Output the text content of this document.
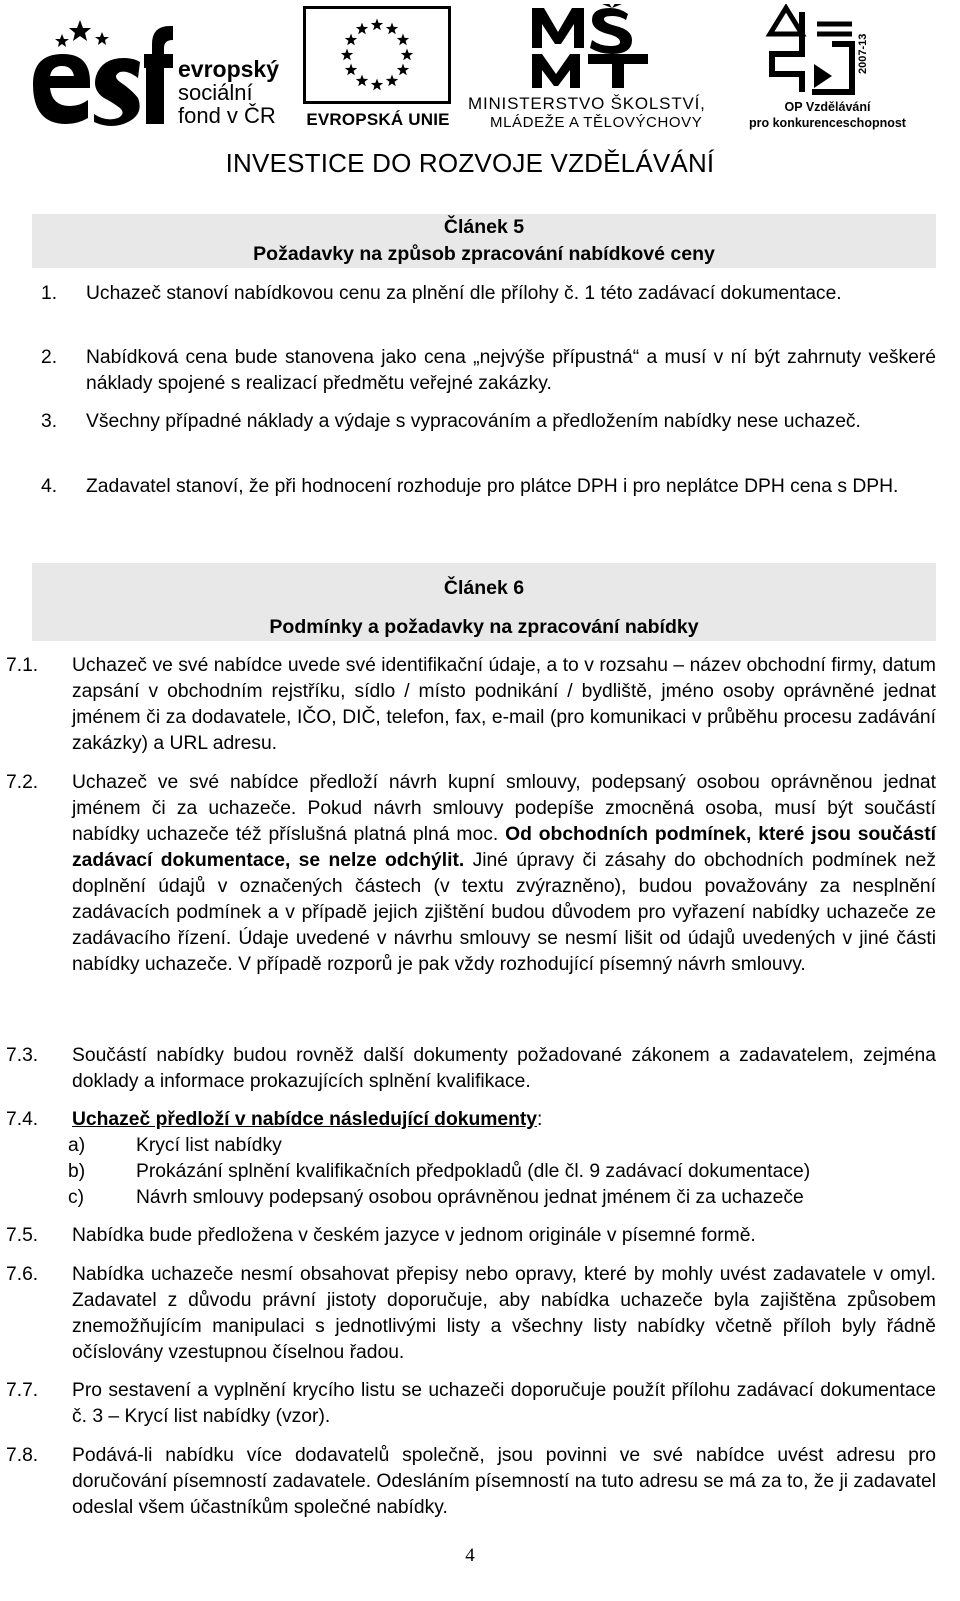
evropský
sociální
fond v ČR EVROPSKÁ UNIE
MINISTERSTVO ŠKOLSTVÍ,
MLÁDEŽE A TĚLOVÝCHOVY
2007-13
OP Vzdělávání
pro konkurenceschopnost
INVESTICE DO ROZVOJE VZDĚLÁVÁNÍ
Článek 5
Požadavky na způsob zpracování nabídkové ceny
1. Uchazeč stanoví nabídkovou cenu za plnění dle přílohy č. 1 této zadávací dokumentace.
2. Nabídková cena bude stanovena jako cena „nejvýše přípustná“ a musí v ní být zahrnuty veškeré náklady spojené s realizací předmětu veřejné zakázky.
3. Všechny případné náklady a výdaje s vypracováním a předložením nabídky nese uchazeč.
4. Zadavatel stanoví, že při hodnocení rozhoduje pro plátce DPH i pro neplátce DPH cena s DPH.
Článek 6
Podmínky a požadavky na zpracování nabídky
7.1. Uchazeč ve své nabídce uvede své identifikační údaje, a to v rozsahu – název obchodní firmy, datum zapsání v obchodním rejstříku, sídlo / místo podnikání / bydliště, jméno osoby oprávněné jednat jménem či za dodavatele, IČO, DIČ, telefon, fax, e-mail (pro komunikaci v průběhu procesu zadávání zakázky) a URL adresu.
7.2. Uchazeč ve své nabídce předloží návrh kupní smlouvy, podepsaný osobou oprávněnou jednat jménem či za uchazeče. Pokud návrh smlouvy podepíše zmocněná osoba, musí být součástí nabídky uchazeče též příslušná platná plná moc. Od obchodních podmínek, které jsou součástí zadávací dokumentace, se nelze odchýlit. Jiné úpravy či zásahy do obchodních podmínek než doplnění údajů v označených částech (v textu zvýrazněno), budou považovány za nesplnění zadávacích podmínek a v případě jejich zjištění budou důvodem pro vyřazení nabídky uchazeče ze zadávacího řízení. Údaje uvedené v návrhu smlouvy se nesmí lišit od údajů uvedených v jiné části nabídky uchazeče. V případě rozporů je pak vždy rozhodující písemný návrh smlouvy.
7.3. Součástí nabídky budou rovněž další dokumenty požadované zákonem a zadavatelem, zejména doklady a informace prokazujících splnění kvalifikace.
7.4. Uchazeč předloží v nabídce následující dokumenty:
a)	Krycí list nabídky
b)	Prokázání splnění kvalifikačních předpokladů (dle čl. 9 zadávací dokumentace)
c)	Návrh smlouvy podepsaný osobou oprávněnou jednat jménem či za uchazeče
7.5. Nabídka bude předložena v českém jazyce v jednom originále v písemné formě.
7.6. Nabídka uchazeče nesmí obsahovat přepisy nebo opravy, které by mohly uvést zadavatele v omyl. Zadavatel z důvodu právní jistoty doporučuje, aby nabídka uchazeče byla zajištěna způsobem znemožňujícím manipulaci s jednotlivými listy a všechny listy nabídky včetně příloh byly řádně očíslovány vzestupnou číselnou řadou.
7.7. Pro sestavení a vyplnění krycího listu se uchazeči doporučuje použít přílohu zadávací dokumentace č. 3 – Krycí list nabídky (vzor).
7.8. Podává-li nabídku více dodavatelů společně, jsou povinni ve své nabídce uvést adresu pro doručování písemností zadavatele. Odesláním písemností na tuto adresu se má za to, že ji zadavatel odeslal všem účastníkům společné nabídky.
4
